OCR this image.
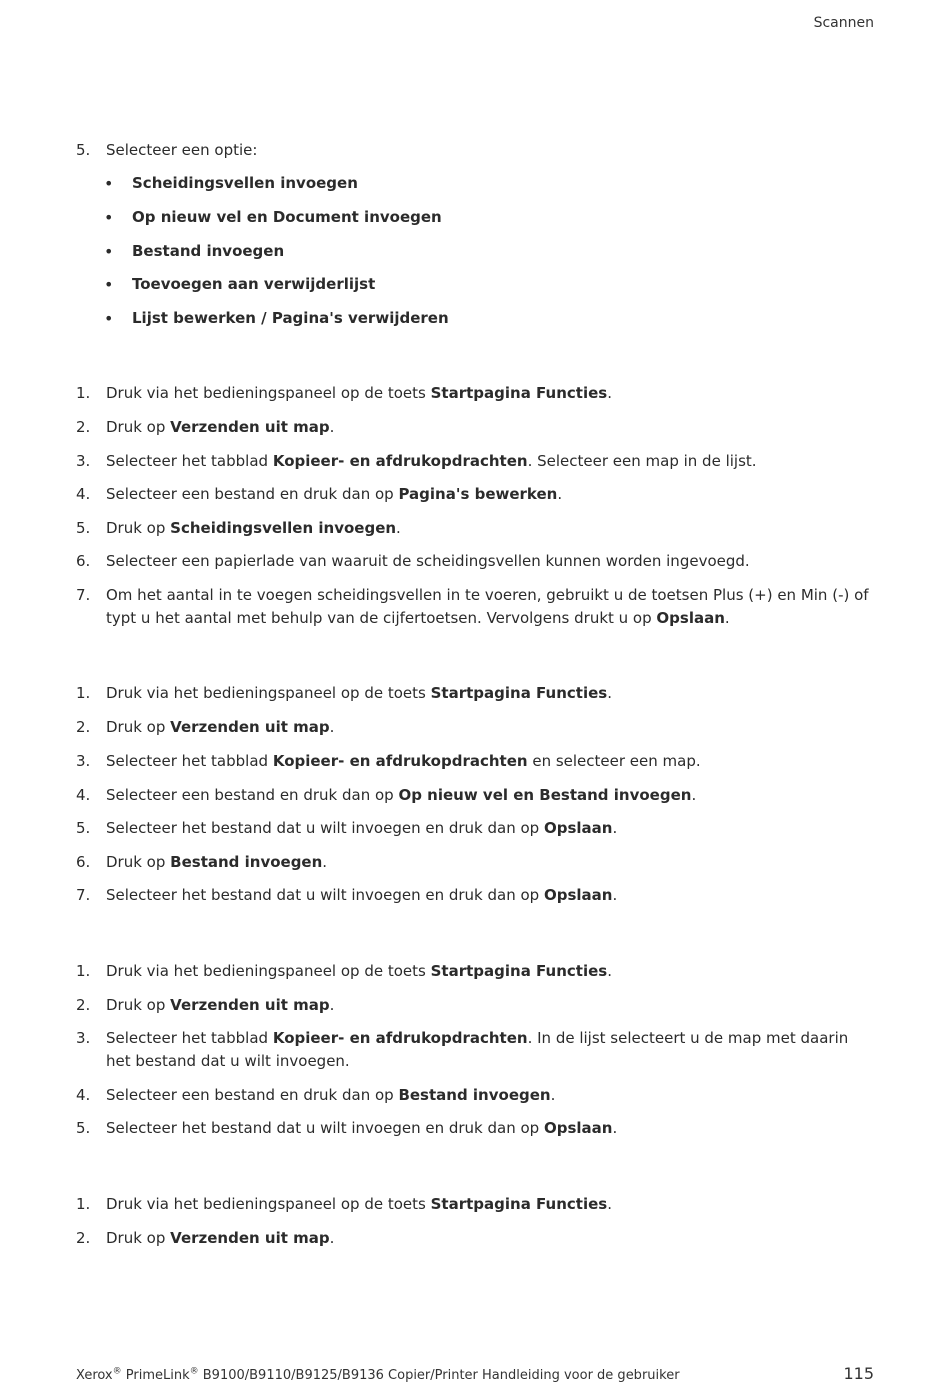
Scannen
5. Selecteer een optie:
• Scheidingsvellen invoegen
• Op nieuw vel en Document invoegen
• Bestand invoegen
• Toevoegen aan verwijderlijst
• Lijst bewerken / Pagina's verwijderen
1. Druk via het bedieningspaneel op de toets Startpagina Functies.
2. Druk op Verzenden uit map.
3. Selecteer het tabblad Kopieer- en afdrukopdrachten. Selecteer een map in de lijst.
4. Selecteer een bestand en druk dan op Pagina's bewerken.
5. Druk op Scheidingsvellen invoegen.
6. Selecteer een papierlade van waaruit de scheidingsvellen kunnen worden ingevoegd.
7. Om het aantal in te voegen scheidingsvellen in te voeren, gebruikt u de toetsen Plus (+) en Min (-) of typt u het aantal met behulp van de cijfertoetsen. Vervolgens drukt u op Opslaan.
1. Druk via het bedieningspaneel op de toets Startpagina Functies.
2. Druk op Verzenden uit map.
3. Selecteer het tabblad Kopieer- en afdrukopdrachten en selecteer een map.
4. Selecteer een bestand en druk dan op Op nieuw vel en Bestand invoegen.
5. Selecteer het bestand dat u wilt invoegen en druk dan op Opslaan.
6. Druk op Bestand invoegen.
7. Selecteer het bestand dat u wilt invoegen en druk dan op Opslaan.
1. Druk via het bedieningspaneel op de toets Startpagina Functies.
2. Druk op Verzenden uit map.
3. Selecteer het tabblad Kopieer- en afdrukopdrachten. In de lijst selecteert u de map met daarin het bestand dat u wilt invoegen.
4. Selecteer een bestand en druk dan op Bestand invoegen.
5. Selecteer het bestand dat u wilt invoegen en druk dan op Opslaan.
1. Druk via het bedieningspaneel op de toets Startpagina Functies.
2. Druk op Verzenden uit map.
Xerox® PrimeLink® B9100/B9110/B9125/B9136 Copier/Printer Handleiding voor de gebruiker	115
